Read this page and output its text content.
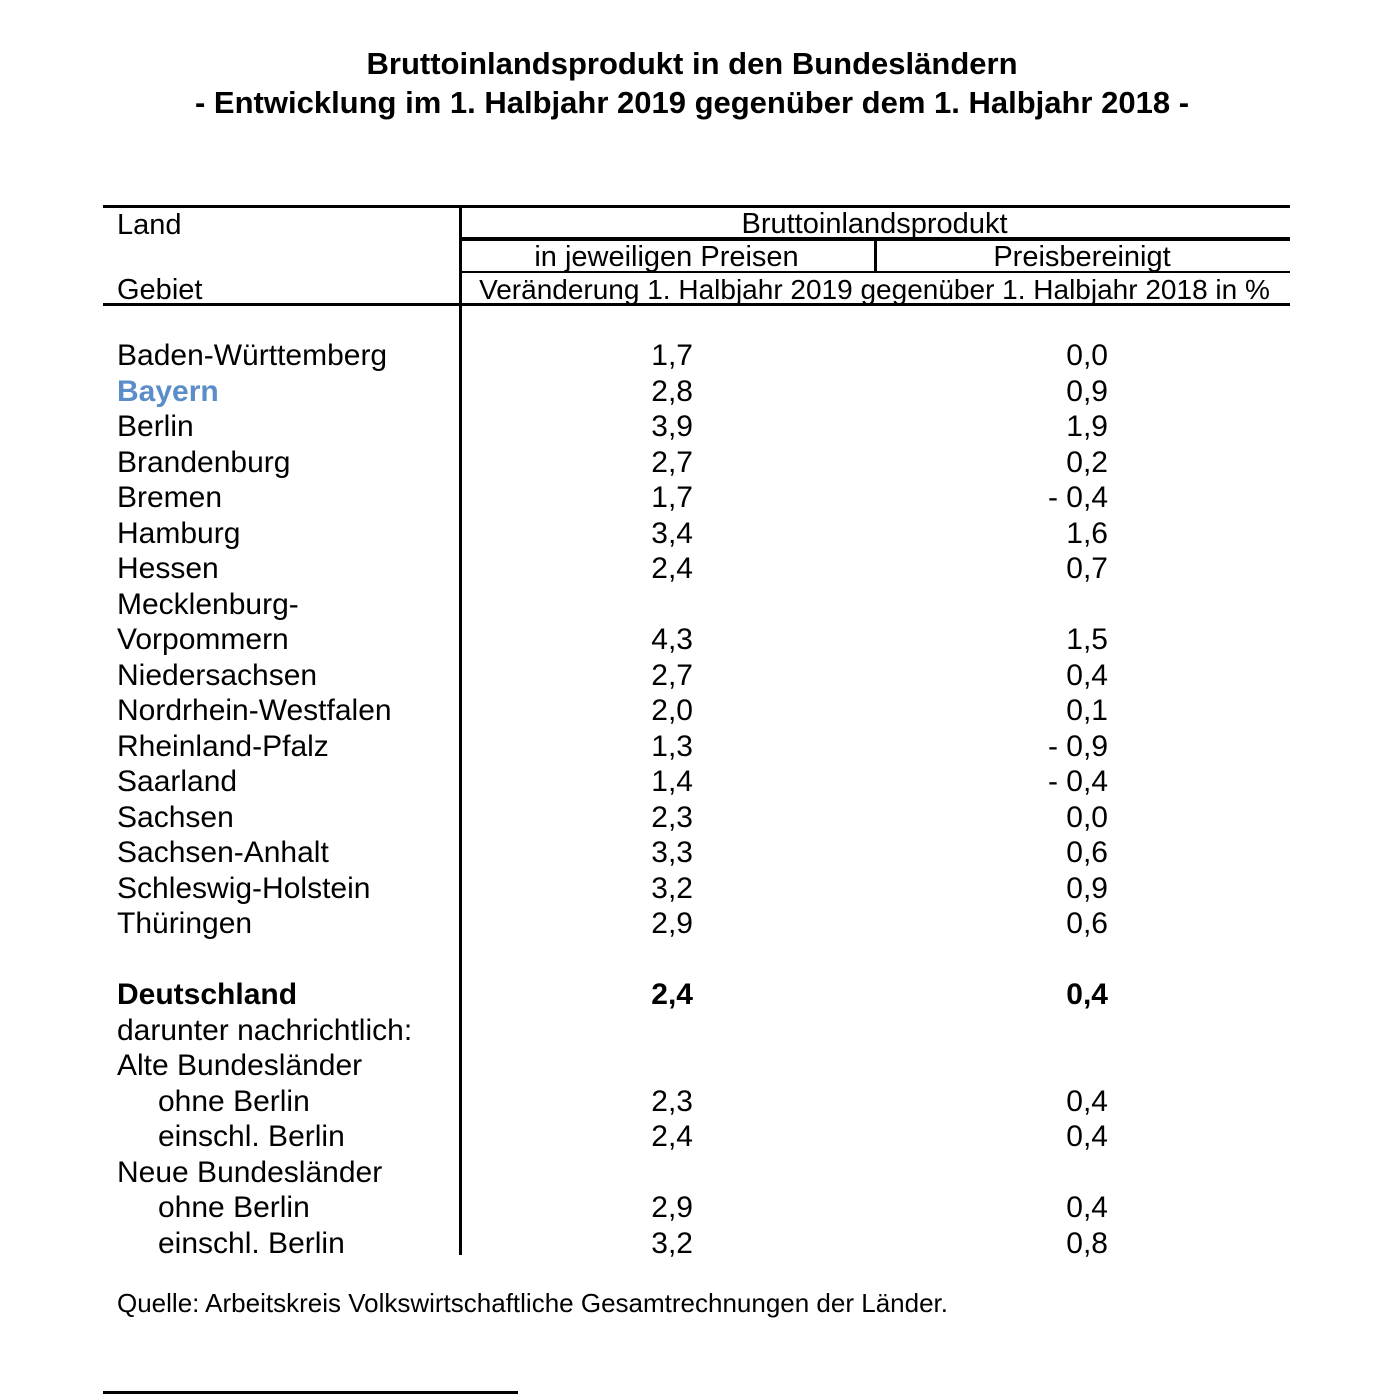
Bruttoinlandsprodukt in den Bundesländern
- Entwicklung im 1. Halbjahr 2019 gegenüber dem 1. Halbjahr 2018 -
Land	Bruttoinlandsprodukt
in jeweiligen Preisen	Preisbereinigt
Gebiet	Veränderung 1. Halbjahr 2019 gegenüber 1. Halbjahr 2018 in %
Baden-Württemberg	1,7	0,0
Bayern	2,8	0,9
Berlin	3,9	1,9
Brandenburg	2,7	0,2
Bremen	1,7	- 0,4
Hamburg	3,4	1,6
Hessen	2,4	0,7
Mecklenburg-
Vorpommern	4,3	1,5
Niedersachsen	2,7	0,4
Nordrhein-Westfalen	2,0	0,1
Rheinland-Pfalz	1,3	- 0,9
Saarland	1,4	- 0,4
Sachsen	2,3	0,0
Sachsen-Anhalt	3,3	0,6
Schleswig-Holstein	3,2	0,9
Thüringen	2,9	0,6
Deutschland	2,4	0,4
darunter nachrichtlich:
Alte Bundesländer
ohne Berlin	2,3	0,4
einschl. Berlin	2,4	0,4
Neue Bundesländer
ohne Berlin	2,9	0,4
einschl. Berlin	3,2	0,8
Quelle: Arbeitskreis Volkswirtschaftliche Gesamtrechnungen der Länder.
